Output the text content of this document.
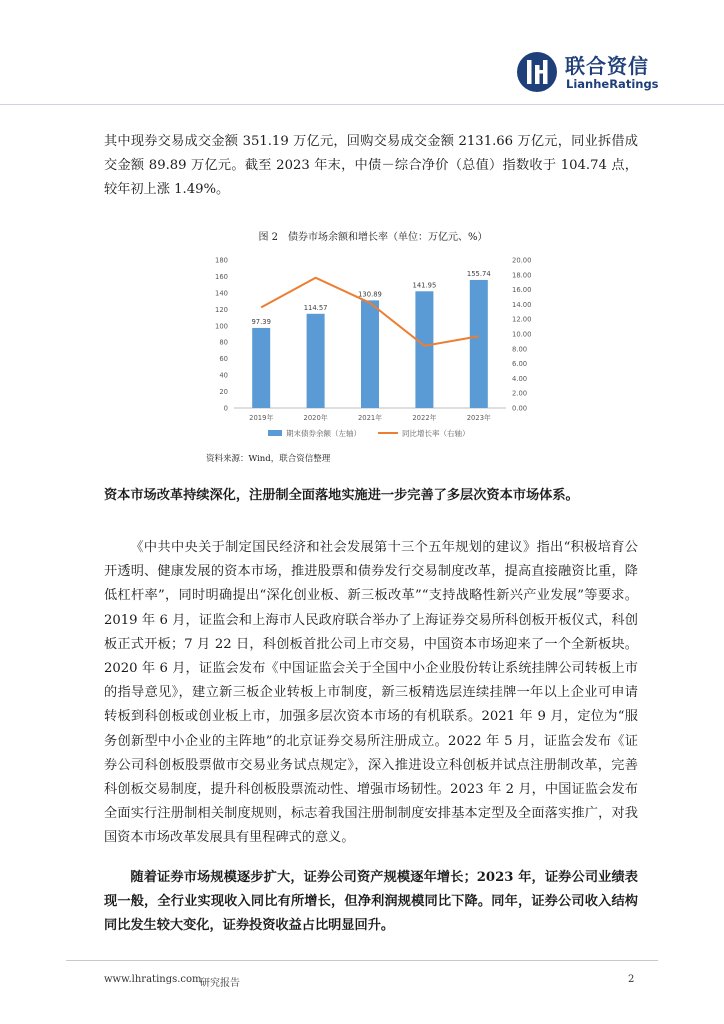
联合资信
LianheRatings

其中现券交易成交金额 351.19 万亿元，回购交易成交金额 2131.66 万亿元，同业拆借成交金额 89.89 万亿元。截至 2023 年末，中债－综合净价（总值）指数收于 104.74 点，较年初上涨 1.49%。

图 2　债券市场余额和增长率（单位：万亿元、%）
0
20
40
60
80
100
120
140
160
180
0.00
2.00
4.00
6.00
8.00
10.00
12.00
14.00
16.00
18.00
20.00
97.39
114.57
130.89
141.95
155.74
2019年	2020年	2021年	2022年	2023年
期末债券余额（左轴）	同比增长率（右轴）
资料来源：Wind，联合资信整理

资本市场改革持续深化，注册制全面落地实施进一步完善了多层次资本市场体系。

《中共中央关于制定国民经济和社会发展第十三个五年规划的建议》指出“积极培育公开透明、健康发展的资本市场，推进股票和债券发行交易制度改革，提高直接融资比重，降低杠杆率”，同时明确提出“深化创业板、新三板改革”“支持战略性新兴产业发展”等要求。2019 年 6 月，证监会和上海市人民政府联合举办了上海证券交易所科创板开板仪式，科创板正式开板；7 月 22 日，科创板首批公司上市交易，中国资本市场迎来了一个全新板块。2020 年 6 月，证监会发布《中国证监会关于全国中小企业股份转让系统挂牌公司转板上市的指导意见》，建立新三板企业转板上市制度，新三板精选层连续挂牌一年以上企业可申请转板到科创板或创业板上市，加强多层次资本市场的有机联系。2021 年 9 月，定位为“服务创新型中小企业的主阵地”的北京证券交易所注册成立。2022 年 5 月，证监会发布《证券公司科创板股票做市交易业务试点规定》，深入推进设立科创板并试点注册制改革，完善科创板交易制度，提升科创板股票流动性、增强市场韧性。2023 年 2 月，中国证监会发布全面实行注册制相关制度规则，标志着我国注册制制度安排基本定型及全面落实推广，对我国资本市场改革发展具有里程碑式的意义。

随着证券市场规模逐步扩大，证券公司资产规模逐年增长；2023 年，证券公司业绩表现一般，全行业实现收入同比有所增长，但净利润规模同比下降。同年，证券公司收入结构同比发生较大变化，证券投资收益占比明显回升。

www.lhratings.com
研究报告	2
